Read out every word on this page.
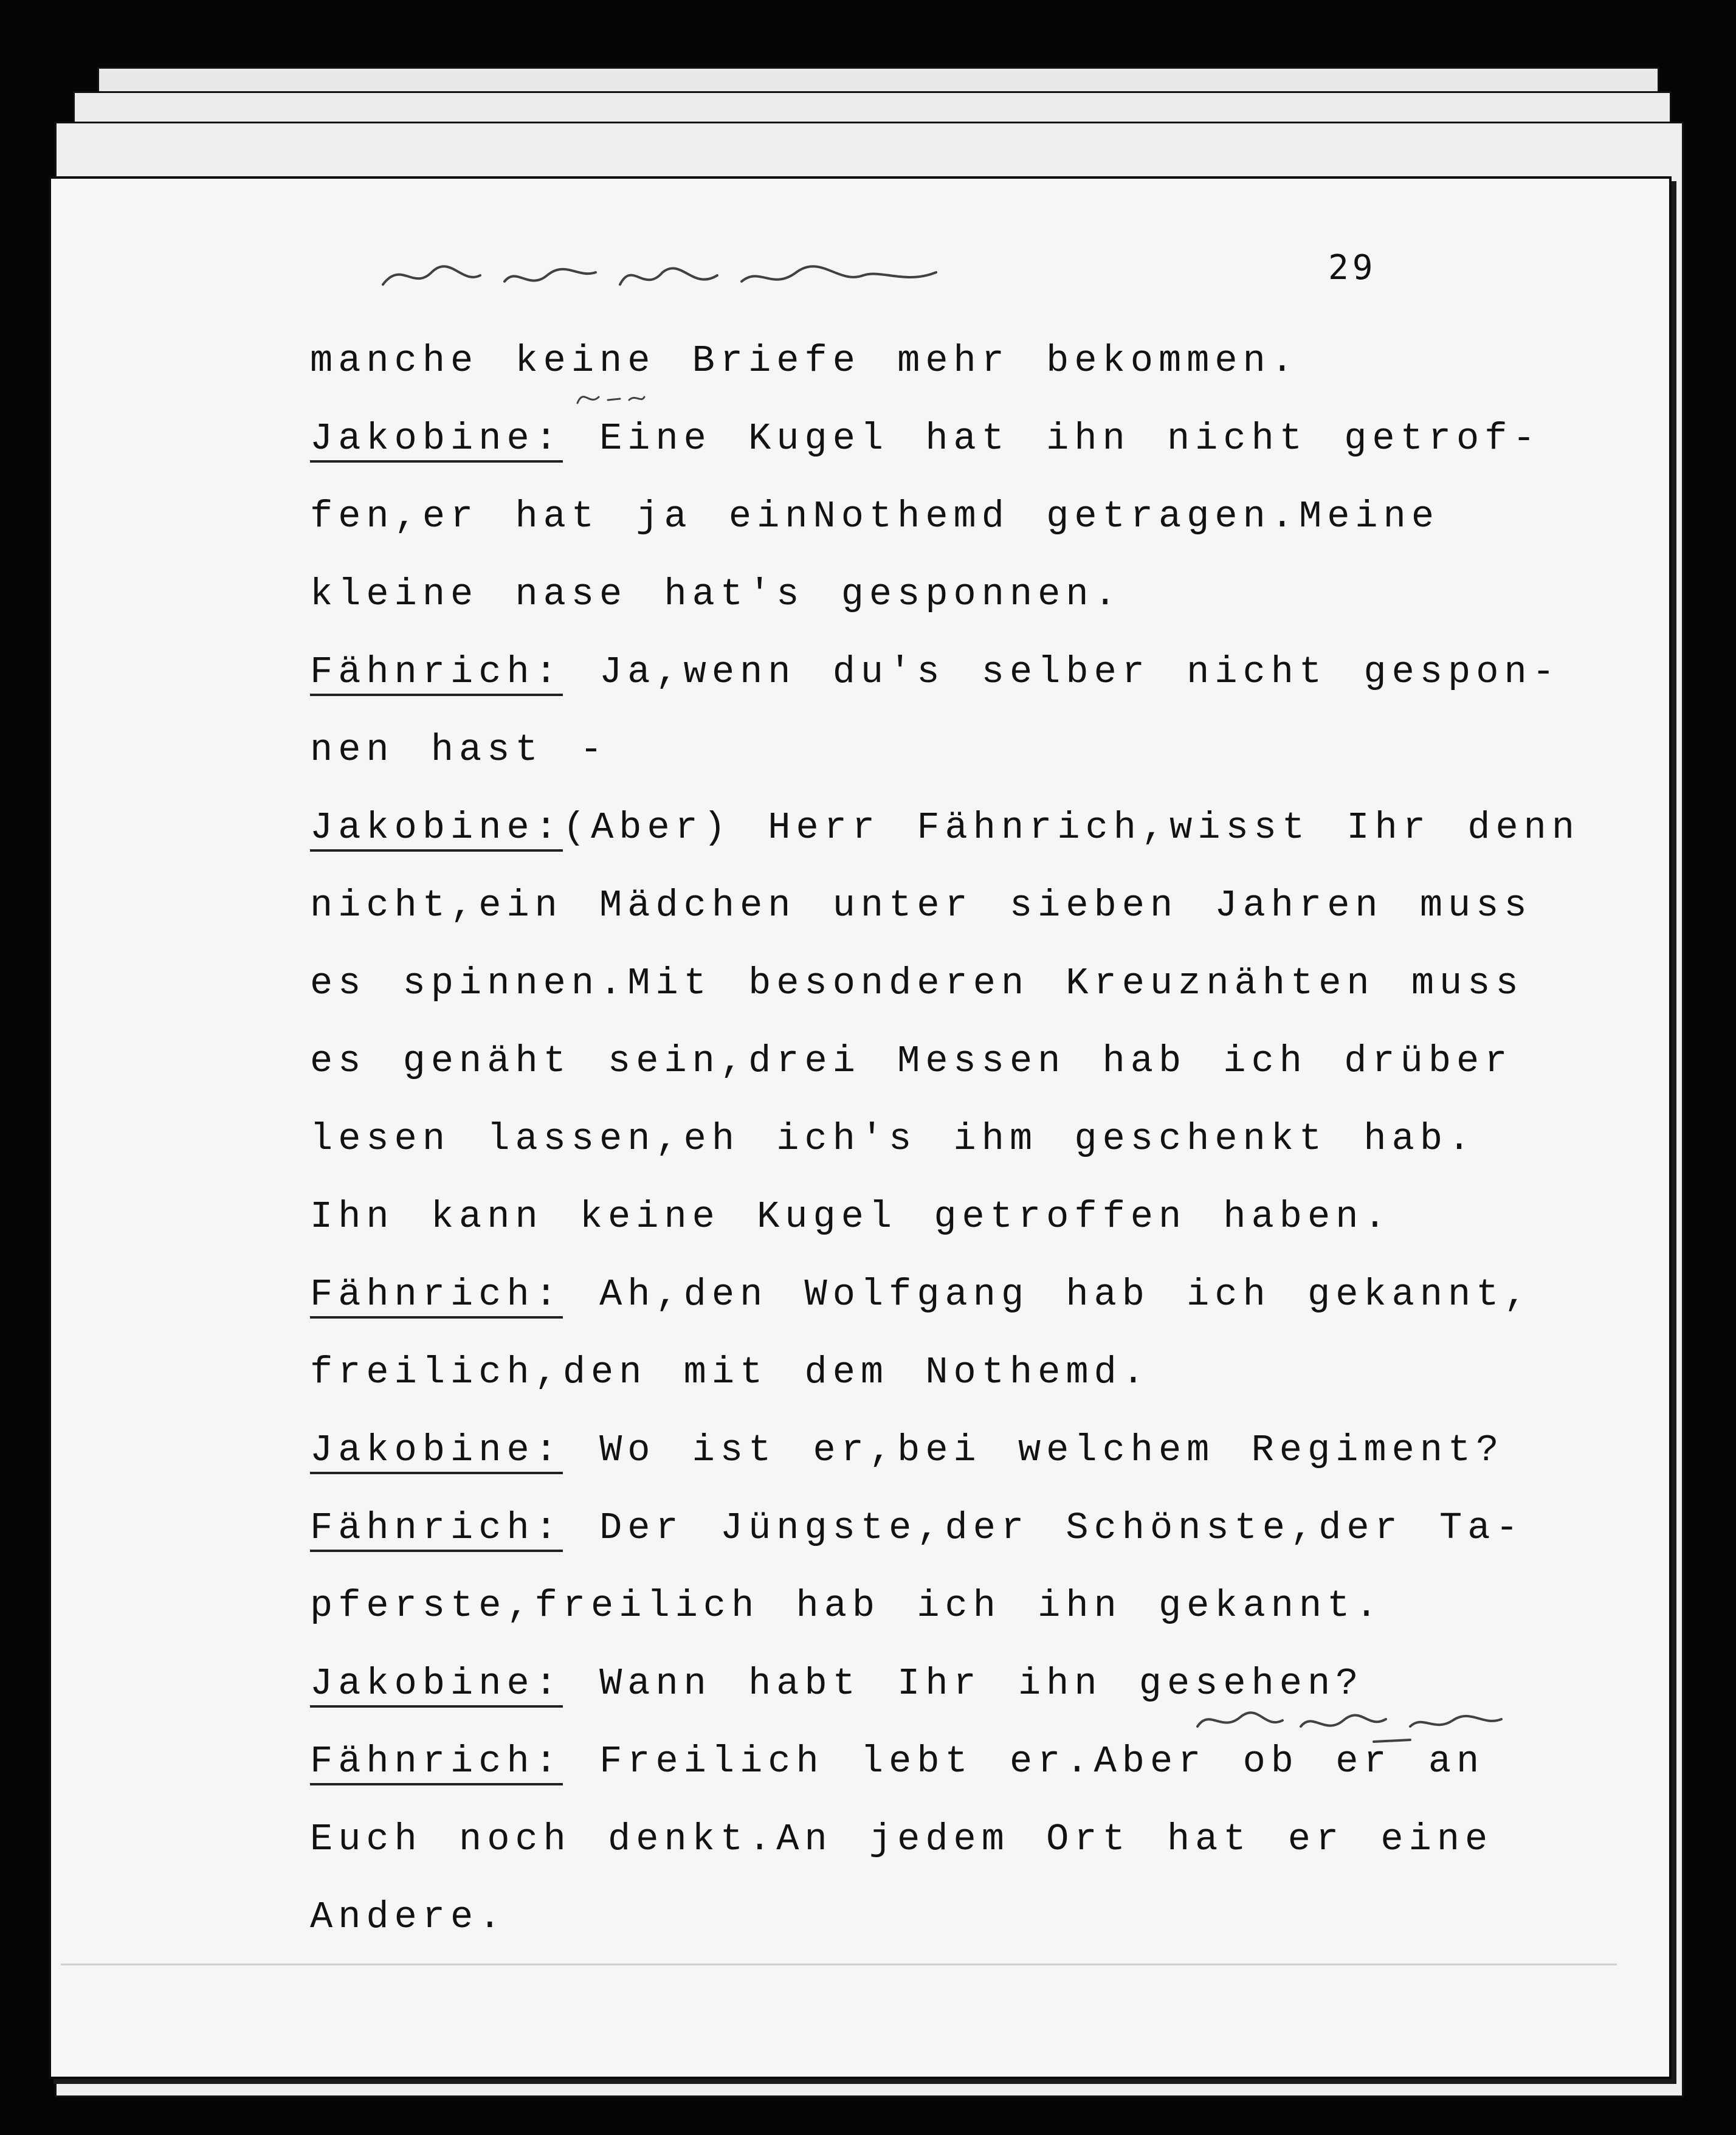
29
manche keine Briefe mehr bekommen.
Jakobine: Eine Kugel hat ihn nicht getrof-
fen,er hat ja einNothemd getragen.Meine
kleine nase hat's gesponnen.
Fähnrich: Ja,wenn du's selber nicht gespon-
nen hast -
Jakobine:(Aber) Herr Fähnrich,wisst Ihr denn
nicht,ein Mädchen unter sieben Jahren muss
es spinnen.Mit besonderen Kreuznähten muss
es genäht sein,drei Messen hab ich drüber
lesen lassen,eh ich's ihm geschenkt hab.
Ihn kann keine Kugel getroffen haben.
Fähnrich: Ah,den Wolfgang hab ich gekannt,
freilich,den mit dem Nothemd.
Jakobine: Wo ist er,bei welchem Regiment?
Fähnrich: Der Jüngste,der Schönste,der Ta-
pferste,freilich hab ich ihn gekannt.
Jakobine: Wann habt Ihr ihn gesehen?
Fähnrich: Freilich lebt er.Aber ob er an
Euch noch denkt.An jedem Ort hat er eine
Andere.
